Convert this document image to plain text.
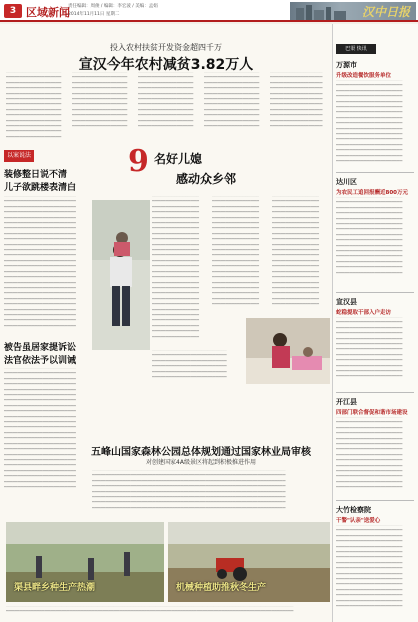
3 区域新闻
责任编辑：周俊 / 编辑：李宏波 / 美编：孟娟
2014年11月11日 星期二	汉中日报
投入农村扶贫开发资金超四千万
宣汉今年农村减贫3.82万人
▔▔▔▔▔▔▔▔▔▔▔▔▔▔▔▔▔▔▔▔
▔▔▔▔▔▔▔▔▔▔▔▔▔▔▔▔▔▔▔▔
▔▔▔▔▔▔▔▔▔▔▔▔▔▔▔▔▔▔▔▔
▔▔▔▔▔▔▔▔▔▔▔▔▔▔▔▔▔▔▔▔
▔▔▔▔▔▔▔▔▔▔▔▔▔▔▔▔▔▔▔▔
▔▔▔▔▔▔▔▔▔▔▔▔▔▔▔▔▔▔▔▔
▔▔▔▔▔▔▔▔▔▔▔▔▔▔▔▔▔▔▔▔
▔▔▔▔▔▔▔▔▔▔▔▔▔▔▔▔▔▔▔▔
▔▔▔▔▔▔▔▔▔▔▔▔▔▔▔▔▔▔▔▔
▔▔▔▔▔▔▔▔▔▔▔▔▔▔▔▔▔▔▔▔
▔▔▔▔▔▔▔▔▔▔▔▔▔▔▔▔▔▔▔▔
▔▔▔▔▔▔▔▔▔▔▔▔▔▔▔▔▔▔▔▔
▔▔▔▔▔▔▔▔▔▔▔▔▔▔▔▔▔▔▔▔
▔▔▔▔▔▔▔▔▔▔▔▔▔▔▔▔▔▔▔▔
▔▔▔▔▔▔▔▔▔▔▔▔▔▔▔▔▔▔▔▔
▔▔▔▔▔▔▔▔▔▔▔▔▔▔▔▔▔▔▔▔
▔▔▔▔▔▔▔▔▔▔▔▔▔▔▔▔▔▔▔▔
▔▔▔▔▔▔▔▔▔▔▔▔▔▔▔▔▔▔▔▔
▔▔▔▔▔▔▔▔▔▔▔▔▔▔▔▔▔▔▔▔
▔▔▔▔▔▔▔▔▔▔▔▔▔▔▔▔▔▔▔▔
▔▔▔▔▔▔▔▔▔▔▔▔▔▔▔▔▔▔▔▔
▔▔▔▔▔▔▔▔▔▔▔▔▔▔▔▔▔▔▔▔
▔▔▔▔▔▔▔▔▔▔▔▔▔▔▔▔▔▔▔▔
▔▔▔▔▔▔▔▔▔▔▔▔▔▔▔▔▔▔▔▔
▔▔▔▔▔▔▔▔▔▔▔▔▔▔▔▔▔▔▔▔
▔▔▔▔▔▔▔▔▔▔▔▔▔▔▔▔▔▔▔▔
▔▔▔▔▔▔▔▔▔▔▔▔▔▔▔▔▔▔▔▔
▔▔▔▔▔▔▔▔▔▔▔▔▔▔▔▔▔▔▔▔
▔▔▔▔▔▔▔▔▔▔▔▔▔▔▔▔▔▔▔▔
▔▔▔▔▔▔▔▔▔▔▔▔▔▔▔▔▔▔▔▔
▔▔▔▔▔▔▔▔▔▔▔▔▔▔▔▔▔▔▔▔
▔▔▔▔▔▔▔▔▔▔▔▔▔▔▔▔▔▔▔▔
▔▔▔▔▔▔▔▔▔▔▔▔▔▔▔▔▔▔▔▔
▔▔▔▔▔▔▔▔▔▔▔▔▔▔▔▔▔▔▔▔
▔▔▔▔▔▔▔▔▔▔▔▔▔▔▔▔▔▔▔▔
▔▔▔▔▔▔▔▔▔▔▔▔▔▔▔▔▔▔▔▔
▔▔▔▔▔▔▔▔▔▔▔▔▔▔▔▔▔▔▔▔
▔▔▔▔▔▔▔▔▔▔▔▔▔▔▔▔▔▔▔▔
▔▔▔▔▔▔▔▔▔▔▔▔▔▔▔▔▔▔▔▔
▔▔▔▔▔▔▔▔▔▔▔▔▔▔▔▔▔▔▔▔
▔▔▔▔▔▔▔▔▔▔▔▔▔▔▔▔▔▔▔▔
▔▔▔▔▔▔▔▔▔▔▔▔▔▔▔▔▔▔▔▔
▔▔▔▔▔▔▔▔▔▔▔▔▔▔▔▔▔▔▔▔
▔▔▔▔▔▔▔▔▔▔▔▔▔▔▔▔▔▔▔▔
▔▔▔▔▔▔▔▔▔▔▔▔▔▔▔▔▔▔▔▔
▔▔▔▔▔▔▔▔▔▔▔▔▔▔▔▔▔▔▔▔
▔▔▔▔▔▔▔▔▔▔▔▔▔▔▔▔▔▔▔
▔▔▔▔▔▔▔▔▔▔▔▔▔▔▔▔▔▔▔
▔▔▔▔▔▔▔▔▔▔▔▔▔▔▔▔▔▔▔
▔▔▔▔▔▔▔▔▔▔▔▔▔▔▔▔▔▔▔
▔▔▔▔▔▔▔▔▔▔▔▔▔▔▔▔▔▔▔
▔▔▔▔▔▔▔▔▔▔▔▔▔▔▔▔▔▔▔
▔▔▔▔▔▔▔▔▔▔▔▔▔▔▔▔▔▔▔
▔▔▔▔▔▔▔▔▔▔▔▔▔▔▔▔▔▔▔
▔▔▔▔▔▔▔▔▔▔▔▔▔▔▔▔▔▔▔
▔▔▔▔▔▔▔▔▔▔▔▔▔▔▔▔▔▔▔
▔▔▔▔▔▔▔▔▔▔▔▔▔▔▔▔▔▔▔
以案说法
装修整日说不清
儿子欲跳楼表清白
▔▔▔▔▔▔▔▔▔▔▔▔▔▔▔▔▔▔▔▔▔▔▔▔▔▔
▔▔▔▔▔▔▔▔▔▔▔▔▔▔▔▔▔▔▔▔▔▔▔▔▔▔
▔▔▔▔▔▔▔▔▔▔▔▔▔▔▔▔▔▔▔▔▔▔▔▔▔▔
▔▔▔▔▔▔▔▔▔▔▔▔▔▔▔▔▔▔▔▔▔▔▔▔▔▔
▔▔▔▔▔▔▔▔▔▔▔▔▔▔▔▔▔▔▔▔▔▔▔▔▔▔
▔▔▔▔▔▔▔▔▔▔▔▔▔▔▔▔▔▔▔▔▔▔▔▔▔▔
▔▔▔▔▔▔▔▔▔▔▔▔▔▔▔▔▔▔▔▔▔▔▔▔▔▔
▔▔▔▔▔▔▔▔▔▔▔▔▔▔▔▔▔▔▔▔▔▔▔▔▔▔
▔▔▔▔▔▔▔▔▔▔▔▔▔▔▔▔▔▔▔▔▔▔▔▔▔▔
▔▔▔▔▔▔▔▔▔▔▔▔▔▔▔▔▔▔▔▔▔▔▔▔▔▔
▔▔▔▔▔▔▔▔▔▔▔▔▔▔▔▔▔▔▔▔▔▔▔▔▔▔
▔▔▔▔▔▔▔▔▔▔▔▔▔▔▔▔▔▔▔▔▔▔▔▔▔▔
▔▔▔▔▔▔▔▔▔▔▔▔▔▔▔▔▔▔▔▔▔▔▔▔▔▔
▔▔▔▔▔▔▔▔▔▔▔▔▔▔▔▔▔▔▔▔▔▔▔▔▔▔
▔▔▔▔▔▔▔▔▔▔▔▔▔▔▔▔▔▔▔▔▔▔▔▔▔▔
▔▔▔▔▔▔▔▔▔▔▔▔▔▔▔▔▔▔▔▔▔▔▔▔▔▔
▔▔▔▔▔▔▔▔▔▔▔▔▔▔▔▔▔▔▔▔▔▔▔▔▔▔
▔▔▔▔▔▔▔▔▔▔▔▔▔▔▔▔▔▔▔▔▔▔▔▔▔▔
▔▔▔▔▔▔▔▔▔▔▔▔▔▔▔▔▔▔▔▔▔▔▔▔▔▔
▔▔▔▔▔▔▔▔▔▔▔▔▔▔▔▔▔▔▔▔▔▔▔▔▔▔
▔▔▔▔▔▔▔▔▔▔▔▔▔▔▔▔▔▔▔▔▔▔▔▔▔▔
▔▔▔▔▔▔▔▔▔▔▔▔▔▔▔▔▔▔▔▔▔▔▔▔▔▔
▔▔▔▔▔▔▔▔▔▔▔▔▔▔▔▔▔▔▔▔▔▔▔▔▔▔
▔▔▔▔▔▔▔▔▔▔▔▔▔▔▔▔▔▔▔▔▔▔▔▔▔▔
▔▔▔▔▔▔▔▔▔▔▔▔▔▔▔▔▔▔▔▔▔▔▔▔▔▔
被告虽居家提诉讼
法官依法予以训诫
▔▔▔▔▔▔▔▔▔▔▔▔▔▔▔▔▔▔▔▔▔▔▔▔▔▔
▔▔▔▔▔▔▔▔▔▔▔▔▔▔▔▔▔▔▔▔▔▔▔▔▔▔
▔▔▔▔▔▔▔▔▔▔▔▔▔▔▔▔▔▔▔▔▔▔▔▔▔▔
▔▔▔▔▔▔▔▔▔▔▔▔▔▔▔▔▔▔▔▔▔▔▔▔▔▔
▔▔▔▔▔▔▔▔▔▔▔▔▔▔▔▔▔▔▔▔▔▔▔▔▔▔
▔▔▔▔▔▔▔▔▔▔▔▔▔▔▔▔▔▔▔▔▔▔▔▔▔▔
▔▔▔▔▔▔▔▔▔▔▔▔▔▔▔▔▔▔▔▔▔▔▔▔▔▔
▔▔▔▔▔▔▔▔▔▔▔▔▔▔▔▔▔▔▔▔▔▔▔▔▔▔
▔▔▔▔▔▔▔▔▔▔▔▔▔▔▔▔▔▔▔▔▔▔▔▔▔▔
▔▔▔▔▔▔▔▔▔▔▔▔▔▔▔▔▔▔▔▔▔▔▔▔▔▔
▔▔▔▔▔▔▔▔▔▔▔▔▔▔▔▔▔▔▔▔▔▔▔▔▔▔
▔▔▔▔▔▔▔▔▔▔▔▔▔▔▔▔▔▔▔▔▔▔▔▔▔▔
▔▔▔▔▔▔▔▔▔▔▔▔▔▔▔▔▔▔▔▔▔▔▔▔▔▔
▔▔▔▔▔▔▔▔▔▔▔▔▔▔▔▔▔▔▔▔▔▔▔▔▔▔
▔▔▔▔▔▔▔▔▔▔▔▔▔▔▔▔▔▔▔▔▔▔▔▔▔▔
▔▔▔▔▔▔▔▔▔▔▔▔▔▔▔▔▔▔▔▔▔▔▔▔▔▔
▔▔▔▔▔▔▔▔▔▔▔▔▔▔▔▔▔▔▔▔▔▔▔▔▔▔
▔▔▔▔▔▔▔▔▔▔▔▔▔▔▔▔▔▔▔▔▔▔▔▔▔▔
▔▔▔▔▔▔▔▔▔▔▔▔▔▔▔▔▔▔▔▔▔▔▔▔▔▔
▔▔▔▔▔▔▔▔▔▔▔▔▔▔▔▔▔▔▔▔▔▔▔▔▔▔
▔▔▔▔▔▔▔▔▔▔▔▔▔▔▔▔▔▔▔▔▔▔▔▔▔▔
▔▔▔▔▔▔▔▔▔▔▔▔▔▔▔▔▔▔▔▔▔▔▔▔▔▔
▔▔▔▔▔▔▔▔▔▔▔▔▔▔▔▔▔▔▔▔▔▔▔▔▔▔
9 名好儿媳
感动众乡邻
▔▔▔▔▔▔▔▔▔▔▔▔▔▔▔▔▔
▔▔▔▔▔▔▔▔▔▔▔▔▔▔▔▔▔
▔▔▔▔▔▔▔▔▔▔▔▔▔▔▔▔▔
▔▔▔▔▔▔▔▔▔▔▔▔▔▔▔▔▔
▔▔▔▔▔▔▔▔▔▔▔▔▔▔▔▔▔
▔▔▔▔▔▔▔▔▔▔▔▔▔▔▔▔▔
▔▔▔▔▔▔▔▔▔▔▔▔▔▔▔▔▔
▔▔▔▔▔▔▔▔▔▔▔▔▔▔▔▔▔
▔▔▔▔▔▔▔▔▔▔▔▔▔▔▔▔▔
▔▔▔▔▔▔▔▔▔▔▔▔▔▔▔▔▔
▔▔▔▔▔▔▔▔▔▔▔▔▔▔▔▔▔
▔▔▔▔▔▔▔▔▔▔▔▔▔▔▔▔▔
▔▔▔▔▔▔▔▔▔▔▔▔▔▔▔▔▔
▔▔▔▔▔▔▔▔▔▔▔▔▔▔▔▔▔
▔▔▔▔▔▔▔▔▔▔▔▔▔▔▔▔▔
▔▔▔▔▔▔▔▔▔▔▔▔▔▔▔▔▔
▔▔▔▔▔▔▔▔▔▔▔▔▔▔▔▔▔
▔▔▔▔▔▔▔▔▔▔▔▔▔▔▔▔▔
▔▔▔▔▔▔▔▔▔▔▔▔▔▔▔▔▔
▔▔▔▔▔▔▔▔▔▔▔▔▔▔▔▔▔
▔▔▔▔▔▔▔▔▔▔▔▔▔▔▔▔▔
▔▔▔▔▔▔▔▔▔▔▔▔▔▔▔▔▔
▔▔▔▔▔▔▔▔▔▔▔▔▔▔▔▔▔
▔▔▔▔▔▔▔▔▔▔▔▔▔▔▔▔▔
▔▔▔▔▔▔▔▔▔▔▔▔▔▔▔▔▔
▔▔▔▔▔▔▔▔▔▔▔▔▔▔▔▔▔
▔▔▔▔▔▔▔▔▔▔▔▔▔▔▔▔▔
▔▔▔▔▔▔▔▔▔▔▔▔▔▔▔▔▔
▔▔▔▔▔▔▔▔▔▔▔▔▔▔▔▔▔
▔▔▔▔▔▔▔▔▔▔▔▔▔▔▔▔▔
▔▔▔▔▔▔▔▔▔▔▔▔▔▔▔▔▔
▔▔▔▔▔▔▔▔▔▔▔▔▔▔▔▔▔
▔▔▔▔▔▔▔▔▔▔▔▔▔▔▔▔▔
▔▔▔▔▔▔▔▔▔▔▔▔▔▔▔▔▔
▔▔▔▔▔▔▔▔▔▔▔▔▔▔▔▔▔
▔▔▔▔▔▔▔▔▔▔▔▔▔▔▔▔▔
▔▔▔▔▔▔▔▔▔▔▔▔▔▔▔▔▔
▔▔▔▔▔▔▔▔▔▔▔▔▔▔▔▔▔
▔▔▔▔▔▔▔▔▔▔▔▔▔▔▔▔▔
▔▔▔▔▔▔▔▔▔▔▔▔▔▔▔▔▔
▔▔▔▔▔▔▔▔▔▔▔▔▔▔▔▔▔
▔▔▔▔▔▔▔▔▔▔▔▔▔▔▔▔▔
▔▔▔▔▔▔▔▔▔▔▔▔▔▔▔▔▔
▔▔▔▔▔▔▔▔▔▔▔▔▔▔▔▔▔
▔▔▔▔▔▔▔▔▔▔▔▔▔▔▔▔▔
▔▔▔▔▔▔▔▔▔▔▔▔▔▔▔▔▔
▔▔▔▔▔▔▔▔▔▔▔▔▔▔▔▔▔
▔▔▔▔▔▔▔▔▔▔▔▔▔▔▔▔▔
▔▔▔▔▔▔▔▔▔▔▔▔▔▔▔▔▔
▔▔▔▔▔▔▔▔▔▔▔▔▔▔▔▔▔
▔▔▔▔▔▔▔▔▔▔▔▔▔▔▔▔▔
▔▔▔▔▔▔▔▔▔▔▔▔▔▔▔▔▔
▔▔▔▔▔▔▔▔▔▔▔▔▔▔▔▔▔
▔▔▔▔▔▔▔▔▔▔▔▔▔▔▔▔▔
▔▔▔▔▔▔▔▔▔▔▔▔▔▔▔▔▔
▔▔▔▔▔▔▔▔▔▔▔▔▔▔▔▔▔
▔▔▔▔▔▔▔▔▔▔▔▔▔▔▔▔▔
▔▔▔▔▔▔▔▔▔▔▔▔▔▔▔▔▔
▔▔▔▔▔▔▔▔▔▔▔▔▔▔▔▔▔
▔▔▔▔▔▔▔▔▔▔▔▔▔▔▔▔▔
▔▔▔▔▔▔▔▔▔▔▔▔▔▔▔▔▔
▔▔▔▔▔▔▔▔▔▔▔▔▔▔▔▔▔
▔▔▔▔▔▔▔▔▔▔▔▔▔▔▔▔▔
▔▔▔▔▔▔▔▔▔▔▔▔▔▔▔▔▔
▔▔▔▔▔▔▔▔▔▔▔▔▔▔▔▔▔
▔▔▔▔▔▔▔▔▔▔▔▔▔▔▔▔▔
▔▔▔▔▔▔▔▔▔▔▔▔▔▔▔▔▔
▔▔▔▔▔▔▔▔▔▔▔▔▔▔▔▔▔
▔▔▔▔▔▔▔▔▔▔▔▔▔▔▔▔▔
▔▔▔▔▔▔▔▔▔▔▔▔▔▔▔▔▔▔▔▔▔▔▔▔▔▔▔
▔▔▔▔▔▔▔▔▔▔▔▔▔▔▔▔▔▔▔▔▔▔▔▔▔▔▔
▔▔▔▔▔▔▔▔▔▔▔▔▔▔▔▔▔▔▔▔▔▔▔▔▔▔▔
▔▔▔▔▔▔▔▔▔▔▔▔▔▔▔▔▔▔▔▔▔▔▔▔▔▔▔
▔▔▔▔▔▔▔▔▔▔▔▔▔▔▔▔▔▔▔▔▔▔▔▔▔▔▔
▔▔▔▔▔▔▔▔▔▔▔▔▔▔▔▔▔▔▔▔▔▔▔▔▔▔▔
五峰山国家森林公园总体规划通过国家林业局审核
对创建国家4A级景区将起到积极推进作用
▔▔▔▔▔▔▔▔▔▔▔▔▔▔▔▔▔▔▔▔▔▔▔▔▔▔▔▔▔▔▔▔▔▔▔▔▔▔▔▔▔▔▔▔▔▔▔▔▔▔▔▔▔▔▔▔▔▔▔▔▔▔▔▔▔▔▔▔▔▔
▔▔▔▔▔▔▔▔▔▔▔▔▔▔▔▔▔▔▔▔▔▔▔▔▔▔▔▔▔▔▔▔▔▔▔▔▔▔▔▔▔▔▔▔▔▔▔▔▔▔▔▔▔▔▔▔▔▔▔▔▔▔▔▔▔▔▔▔▔▔
▔▔▔▔▔▔▔▔▔▔▔▔▔▔▔▔▔▔▔▔▔▔▔▔▔▔▔▔▔▔▔▔▔▔▔▔▔▔▔▔▔▔▔▔▔▔▔▔▔▔▔▔▔▔▔▔▔▔▔▔▔▔▔▔▔▔▔▔▔▔
▔▔▔▔▔▔▔▔▔▔▔▔▔▔▔▔▔▔▔▔▔▔▔▔▔▔▔▔▔▔▔▔▔▔▔▔▔▔▔▔▔▔▔▔▔▔▔▔▔▔▔▔▔▔▔▔▔▔▔▔▔▔▔▔▔▔▔▔▔▔
▔▔▔▔▔▔▔▔▔▔▔▔▔▔▔▔▔▔▔▔▔▔▔▔▔▔▔▔▔▔▔▔▔▔▔▔▔▔▔▔▔▔▔▔▔▔▔▔▔▔▔▔▔▔▔▔▔▔▔▔▔▔▔▔▔▔▔▔▔▔
▔▔▔▔▔▔▔▔▔▔▔▔▔▔▔▔▔▔▔▔▔▔▔▔▔▔▔▔▔▔▔▔▔▔▔▔▔▔▔▔▔▔▔▔▔▔▔▔▔▔▔▔▔▔▔▔▔▔▔▔▔▔▔▔▔▔▔▔▔▔
▔▔▔▔▔▔▔▔▔▔▔▔▔▔▔▔▔▔▔▔▔▔▔▔▔▔▔▔▔▔▔▔▔▔▔▔▔▔▔▔▔▔▔▔▔▔▔▔▔▔▔▔▔▔▔▔▔▔▔▔▔▔▔▔▔▔▔▔▔▔
▔▔▔▔▔▔▔▔▔▔▔▔▔▔▔▔▔▔▔▔▔▔▔▔▔▔▔▔▔▔▔▔▔▔▔▔▔▔▔▔▔▔▔▔▔▔▔▔▔▔▔▔▔▔▔▔▔▔▔▔▔▔▔▔▔▔▔▔▔▔
渠县畔乡种生产热潮	机械种植助推秋冬生产
▔▔▔▔▔▔▔▔▔▔▔▔▔▔▔▔▔▔▔▔▔▔▔▔▔▔▔▔▔▔▔▔▔▔▔▔▔▔▔▔▔▔▔▔▔▔▔▔▔▔▔▔▔▔▔▔▔▔▔▔▔▔▔▔▔▔▔▔▔▔▔▔▔▔▔▔▔▔▔▔▔▔▔▔▔▔▔▔▔▔▔▔▔▔▔▔▔▔▔▔▔▔▔▔
▔▔▔▔▔▔▔▔▔▔▔▔▔▔▔▔▔▔▔▔▔▔▔▔▔▔▔▔▔▔▔▔▔▔▔▔▔▔▔▔▔▔▔▔▔▔▔▔▔▔▔▔▔▔▔▔▔▔▔▔▔▔▔▔▔▔▔▔▔▔▔▔▔▔▔▔▔▔▔▔▔▔▔▔▔▔▔▔▔▔▔▔▔▔▔▔▔▔▔▔▔▔▔▔
巴渠 快讯
万源市
升级改造餐饮服务单位
▔▔▔▔▔▔▔▔▔▔▔▔▔▔▔▔▔▔▔▔▔▔▔▔
▔▔▔▔▔▔▔▔▔▔▔▔▔▔▔▔▔▔▔▔▔▔▔▔
▔▔▔▔▔▔▔▔▔▔▔▔▔▔▔▔▔▔▔▔▔▔▔▔
▔▔▔▔▔▔▔▔▔▔▔▔▔▔▔▔▔▔▔▔▔▔▔▔
▔▔▔▔▔▔▔▔▔▔▔▔▔▔▔▔▔▔▔▔▔▔▔▔
▔▔▔▔▔▔▔▔▔▔▔▔▔▔▔▔▔▔▔▔▔▔▔▔
▔▔▔▔▔▔▔▔▔▔▔▔▔▔▔▔▔▔▔▔▔▔▔▔
▔▔▔▔▔▔▔▔▔▔▔▔▔▔▔▔▔▔▔▔▔▔▔▔
▔▔▔▔▔▔▔▔▔▔▔▔▔▔▔▔▔▔▔▔▔▔▔▔
▔▔▔▔▔▔▔▔▔▔▔▔▔▔▔▔▔▔▔▔▔▔▔▔
▔▔▔▔▔▔▔▔▔▔▔▔▔▔▔▔▔▔▔▔▔▔▔▔
▔▔▔▔▔▔▔▔▔▔▔▔▔▔▔▔▔▔▔▔▔▔▔▔
▔▔▔▔▔▔▔▔▔▔▔▔▔▔▔▔▔▔▔▔▔▔▔▔
▔▔▔▔▔▔▔▔▔▔▔▔▔▔▔▔▔▔▔▔▔▔▔▔
▔▔▔▔▔▔▔▔▔▔▔▔▔▔▔▔▔▔▔▔▔▔▔▔
▔▔▔▔▔▔▔▔▔▔▔▔▔▔▔▔▔▔▔▔▔▔▔▔
达川区
为农民工追回报酬近800万元
▔▔▔▔▔▔▔▔▔▔▔▔▔▔▔▔▔▔▔▔▔▔▔▔
▔▔▔▔▔▔▔▔▔▔▔▔▔▔▔▔▔▔▔▔▔▔▔▔
▔▔▔▔▔▔▔▔▔▔▔▔▔▔▔▔▔▔▔▔▔▔▔▔
▔▔▔▔▔▔▔▔▔▔▔▔▔▔▔▔▔▔▔▔▔▔▔▔
▔▔▔▔▔▔▔▔▔▔▔▔▔▔▔▔▔▔▔▔▔▔▔▔
▔▔▔▔▔▔▔▔▔▔▔▔▔▔▔▔▔▔▔▔▔▔▔▔
▔▔▔▔▔▔▔▔▔▔▔▔▔▔▔▔▔▔▔▔▔▔▔▔
▔▔▔▔▔▔▔▔▔▔▔▔▔▔▔▔▔▔▔▔▔▔▔▔
▔▔▔▔▔▔▔▔▔▔▔▔▔▔▔▔▔▔▔▔▔▔▔▔
▔▔▔▔▔▔▔▔▔▔▔▔▔▔▔▔▔▔▔▔▔▔▔▔
▔▔▔▔▔▔▔▔▔▔▔▔▔▔▔▔▔▔▔▔▔▔▔▔
▔▔▔▔▔▔▔▔▔▔▔▔▔▔▔▔▔▔▔▔▔▔▔▔
▔▔▔▔▔▔▔▔▔▔▔▔▔▔▔▔▔▔▔▔▔▔▔▔
▔▔▔▔▔▔▔▔▔▔▔▔▔▔▔▔▔▔▔▔▔▔▔▔
▔▔▔▔▔▔▔▔▔▔▔▔▔▔▔▔▔▔▔▔▔▔▔▔
宣汉县
蛇稳提取干部入户走访
▔▔▔▔▔▔▔▔▔▔▔▔▔▔▔▔▔▔▔▔▔▔▔▔
▔▔▔▔▔▔▔▔▔▔▔▔▔▔▔▔▔▔▔▔▔▔▔▔
▔▔▔▔▔▔▔▔▔▔▔▔▔▔▔▔▔▔▔▔▔▔▔▔
▔▔▔▔▔▔▔▔▔▔▔▔▔▔▔▔▔▔▔▔▔▔▔▔
▔▔▔▔▔▔▔▔▔▔▔▔▔▔▔▔▔▔▔▔▔▔▔▔
▔▔▔▔▔▔▔▔▔▔▔▔▔▔▔▔▔▔▔▔▔▔▔▔
▔▔▔▔▔▔▔▔▔▔▔▔▔▔▔▔▔▔▔▔▔▔▔▔
▔▔▔▔▔▔▔▔▔▔▔▔▔▔▔▔▔▔▔▔▔▔▔▔
▔▔▔▔▔▔▔▔▔▔▔▔▔▔▔▔▔▔▔▔▔▔▔▔
▔▔▔▔▔▔▔▔▔▔▔▔▔▔▔▔▔▔▔▔▔▔▔▔
▔▔▔▔▔▔▔▔▔▔▔▔▔▔▔▔▔▔▔▔▔▔▔▔
▔▔▔▔▔▔▔▔▔▔▔▔▔▔▔▔▔▔▔▔▔▔▔▔
开江县
四部门联合督促和谐市场建设
▔▔▔▔▔▔▔▔▔▔▔▔▔▔▔▔▔▔▔▔▔▔▔▔
▔▔▔▔▔▔▔▔▔▔▔▔▔▔▔▔▔▔▔▔▔▔▔▔
▔▔▔▔▔▔▔▔▔▔▔▔▔▔▔▔▔▔▔▔▔▔▔▔
▔▔▔▔▔▔▔▔▔▔▔▔▔▔▔▔▔▔▔▔▔▔▔▔
▔▔▔▔▔▔▔▔▔▔▔▔▔▔▔▔▔▔▔▔▔▔▔▔
▔▔▔▔▔▔▔▔▔▔▔▔▔▔▔▔▔▔▔▔▔▔▔▔
▔▔▔▔▔▔▔▔▔▔▔▔▔▔▔▔▔▔▔▔▔▔▔▔
▔▔▔▔▔▔▔▔▔▔▔▔▔▔▔▔▔▔▔▔▔▔▔▔
▔▔▔▔▔▔▔▔▔▔▔▔▔▔▔▔▔▔▔▔▔▔▔▔
▔▔▔▔▔▔▔▔▔▔▔▔▔▔▔▔▔▔▔▔▔▔▔▔
▔▔▔▔▔▔▔▔▔▔▔▔▔▔▔▔▔▔▔▔▔▔▔▔
▔▔▔▔▔▔▔▔▔▔▔▔▔▔▔▔▔▔▔▔▔▔▔▔
▔▔▔▔▔▔▔▔▔▔▔▔▔▔▔▔▔▔▔▔▔▔▔▔
▔▔▔▔▔▔▔▔▔▔▔▔▔▔▔▔▔▔▔▔▔▔▔▔
大竹检察院
干警"认亲"送爱心
▔▔▔▔▔▔▔▔▔▔▔▔▔▔▔▔▔▔▔▔▔▔▔▔
▔▔▔▔▔▔▔▔▔▔▔▔▔▔▔▔▔▔▔▔▔▔▔▔
▔▔▔▔▔▔▔▔▔▔▔▔▔▔▔▔▔▔▔▔▔▔▔▔
▔▔▔▔▔▔▔▔▔▔▔▔▔▔▔▔▔▔▔▔▔▔▔▔
▔▔▔▔▔▔▔▔▔▔▔▔▔▔▔▔▔▔▔▔▔▔▔▔
▔▔▔▔▔▔▔▔▔▔▔▔▔▔▔▔▔▔▔▔▔▔▔▔
▔▔▔▔▔▔▔▔▔▔▔▔▔▔▔▔▔▔▔▔▔▔▔▔
▔▔▔▔▔▔▔▔▔▔▔▔▔▔▔▔▔▔▔▔▔▔▔▔
▔▔▔▔▔▔▔▔▔▔▔▔▔▔▔▔▔▔▔▔▔▔▔▔
▔▔▔▔▔▔▔▔▔▔▔▔▔▔▔▔▔▔▔▔▔▔▔▔
▔▔▔▔▔▔▔▔▔▔▔▔▔▔▔▔▔▔▔▔▔▔▔▔
▔▔▔▔▔▔▔▔▔▔▔▔▔▔▔▔▔▔▔▔▔▔▔▔
▔▔▔▔▔▔▔▔▔▔▔▔▔▔▔▔▔▔▔▔▔▔▔▔
▔▔▔▔▔▔▔▔▔▔▔▔▔▔▔▔▔▔▔▔▔▔▔▔
▔▔▔▔▔▔▔▔▔▔▔▔▔▔▔▔▔▔▔▔▔▔▔▔
▔▔▔▔▔▔▔▔▔▔▔▔▔▔▔▔▔▔▔▔▔▔▔▔
